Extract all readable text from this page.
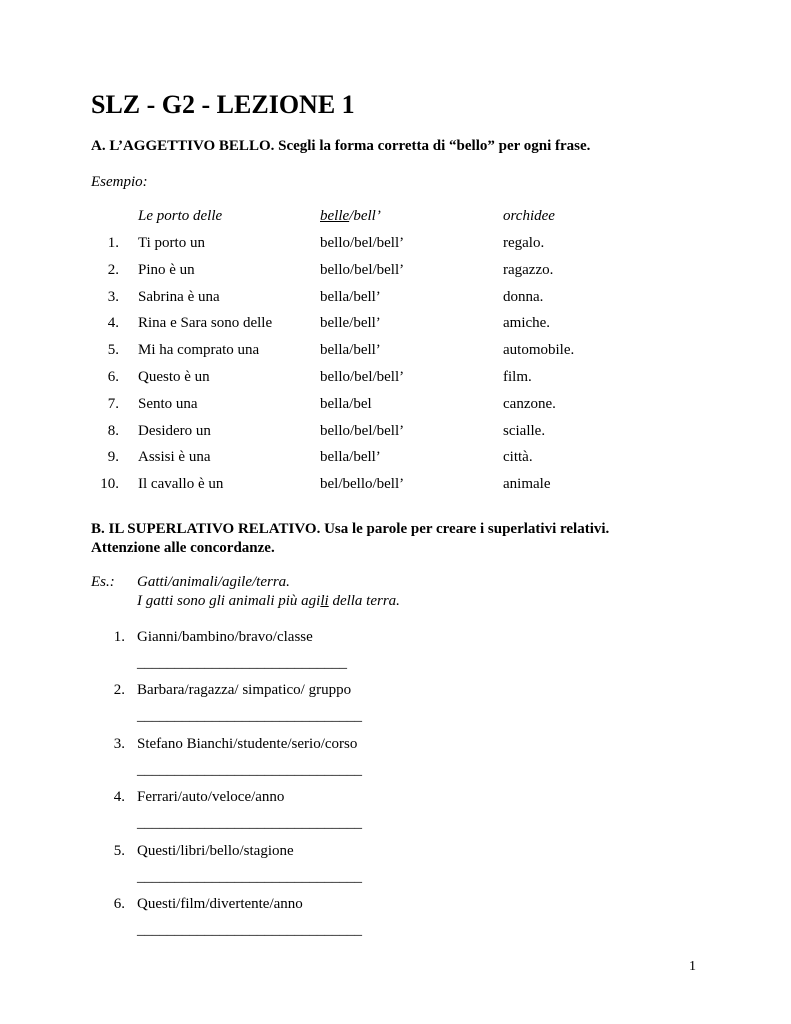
SLZ - G2 - LEZIONE 1

A. L’AGGETTIVO BELLO. Scegli la forma corretta di “bello” per ogni frase.

Esempio:
Le porto delle	belle/bell’	orchidee
1. Ti porto un	bello/bel/bell’	regalo.
2. Pino è un	bello/bel/bell’	ragazzo.
3. Sabrina è una	bella/bell’	donna.
4. Rina e Sara sono delle	belle/bell’	amiche.
5. Mi ha comprato una	bella/bell’	automobile.
6. Questo è un	bello/bel/bell’	film.
7. Sento una	bella/bel	canzone.
8. Desidero un	bello/bel/bell’	scialle.
9. Assisi è una	bella/bell’	città.
10. Il cavallo è un	bel/bello/bell’	animale

B. IL SUPERLATIVO RELATIVO. Usa le parole per creare i superlativi relativi.

Attenzione alle concordanze.

Es.: Gatti/animali/agile/terra.
I gatti sono gli animali più agili della terra.
1. Gianni/bambino/bravo/classe
____________________________
2. Barbara/ragazza/ simpatico/ gruppo
______________________________
3. Stefano Bianchi/studente/serio/corso
______________________________
4. Ferrari/auto/veloce/anno
______________________________
5. Questi/libri/bello/stagione
______________________________
6. Questi/film/divertente/anno
______________________________
1
